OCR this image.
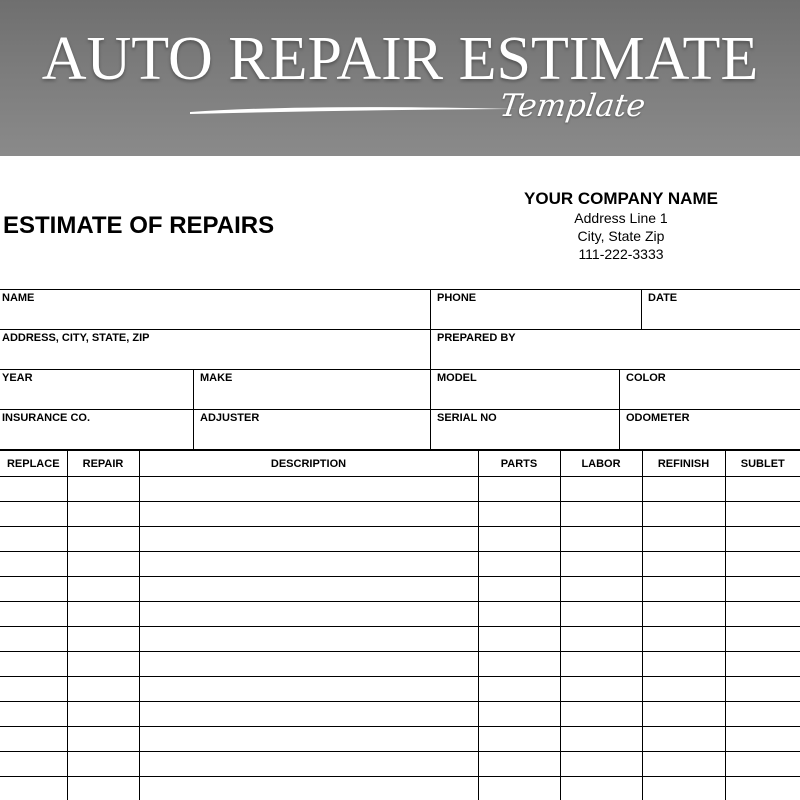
AUTO REPAIR ESTIMATE
Template
ESTIMATE OF REPAIRS
YOUR COMPANY NAME
Address Line 1
City, State Zip
111-222-3333
NAME	PHONE	DATE
ADDRESS, CITY, STATE, ZIP	PREPARED BY
YEAR	MAKE	MODEL	COLOR
INSURANCE CO.	ADJUSTER	SERIAL NO	ODOMETER
REPLACE	REPAIR	DESCRIPTION	PARTS	LABOR	REFINISH	SUBLET
